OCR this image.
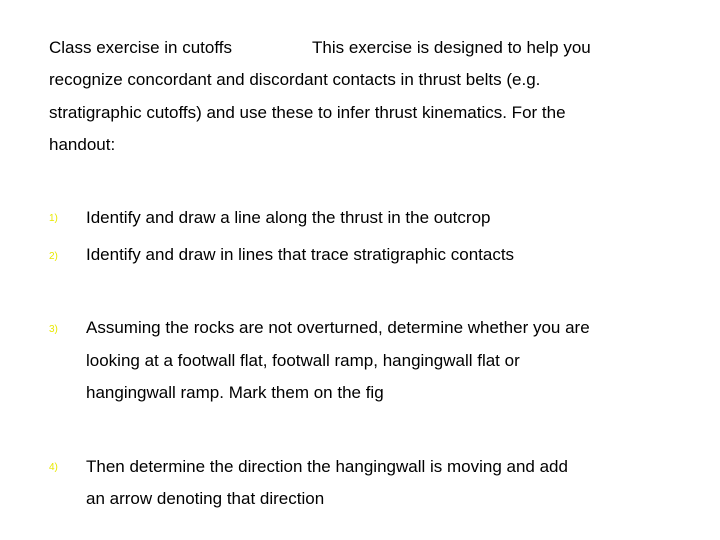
Class exercise in cutoffs	This exercise is designed to help you
recognize concordant and discordant contacts in thrust belts (e.g.
stratigraphic cutoffs) and use these to infer thrust kinematics. For the
handout:
1) Identify and draw a line along the thrust in the outcrop
2) Identify and draw in lines that trace stratigraphic contacts
3) Assuming the rocks are not overturned, determine whether you are
looking at a footwall flat, footwall ramp, hangingwall flat or
hangingwall ramp. Mark them on the fig
4) Then determine the direction the hangingwall is moving and add
an arrow denoting that direction
